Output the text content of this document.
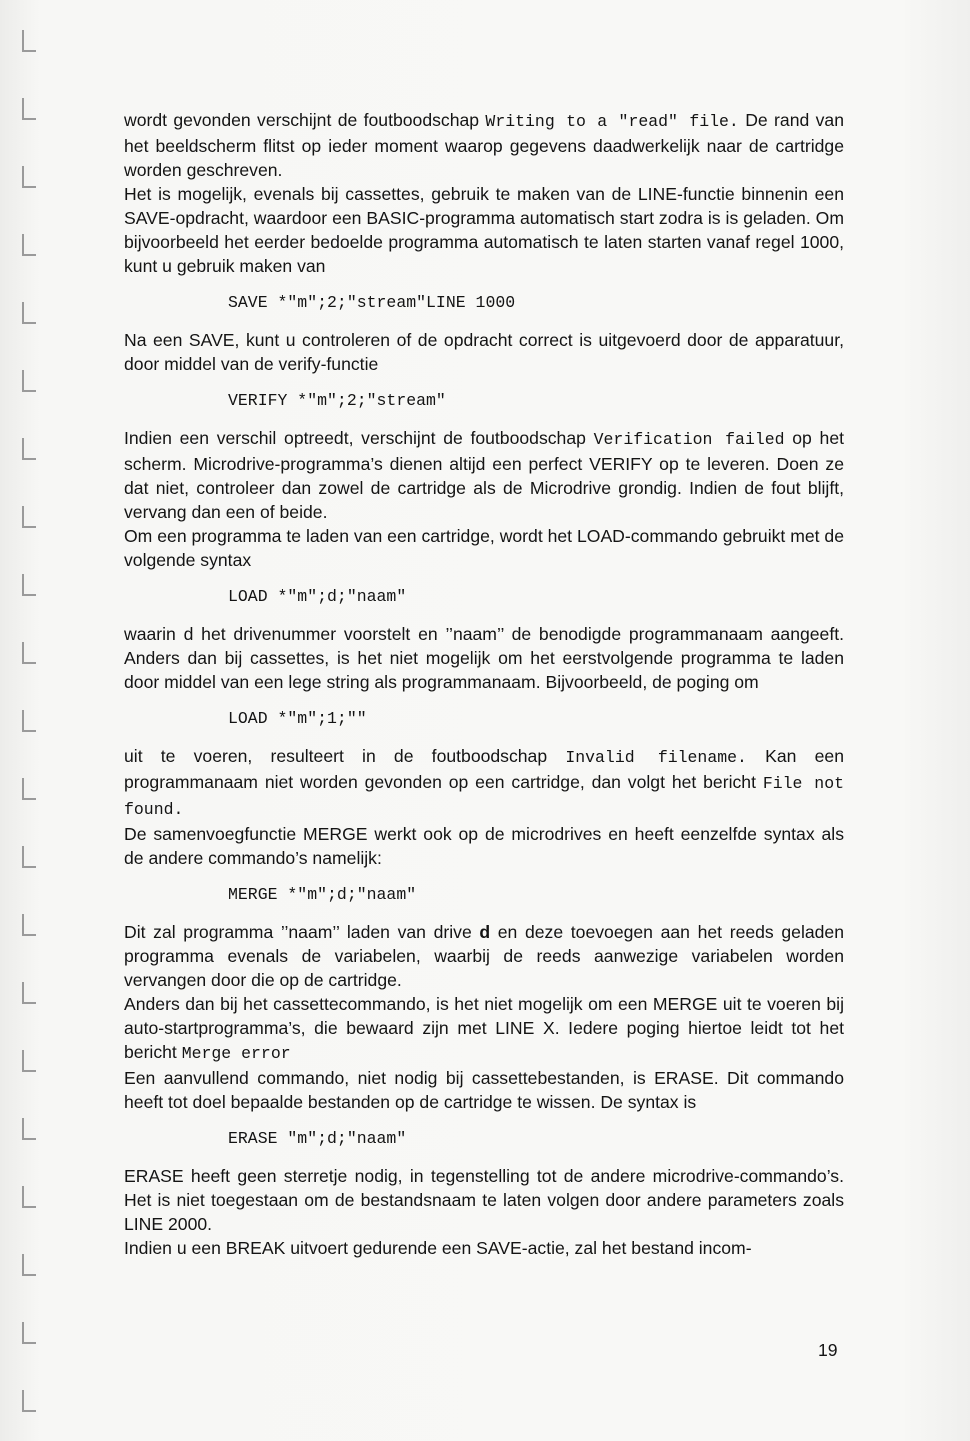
wordt gevonden verschijnt de foutboodschap Writing to a "read" file. De rand van het beeldscherm flitst op ieder moment waarop gegevens daadwerkelijk naar de cartridge worden geschreven.

Het is mogelijk, evenals bij cassettes, gebruik te maken van de LINE-functie binnenin een SAVE-opdracht, waardoor een BASIC-programma automatisch start zodra is is geladen. Om bijvoorbeeld het eerder bedoelde programma automatisch te laten starten vanaf regel 1000, kunt u gebruik maken van

SAVE *"m";2;"stream"LINE 1000

Na een SAVE, kunt u controleren of de opdracht correct is uitgevoerd door de apparatuur, door middel van de verify-functie

VERIFY *"m";2;"stream"

Indien een verschil optreedt, verschijnt de foutboodschap Verification failed op het scherm. Microdrive-programma’s dienen altijd een perfect VERIFY op te leveren. Doen ze dat niet, controleer dan zowel de cartridge als de Microdrive grondig. Indien de fout blijft, vervang dan een of beide.

Om een programma te laden van een cartridge, wordt het LOAD-commando gebruikt met de volgende syntax

LOAD *"m";d;"naam"

waarin d het drivenummer voorstelt en ’’naam’’ de benodigde programmanaam aangeeft. Anders dan bij cassettes, is het niet mogelijk om het eerstvolgende programma te laden door middel van een lege string als programmanaam. Bijvoorbeeld, de poging om

LOAD *"m";1;""

uit te voeren, resulteert in de foutboodschap Invalid filename. Kan een programmanaam niet worden gevonden op een cartridge, dan volgt het bericht File not found.

De samenvoegfunctie MERGE werkt ook op de microdrives en heeft eenzelfde syntax als de andere commando’s namelijk:

MERGE *"m";d;"naam"

Dit zal programma ’’naam’’ laden van drive d en deze toevoegen aan het reeds geladen programma evenals de variabelen, waarbij de reeds aanwezige variabelen worden vervangen door die op de cartridge.

Anders dan bij het cassettecommando, is het niet mogelijk om een MERGE uit te voeren bij auto-startprogramma’s, die bewaard zijn met LINE X. Iedere poging hiertoe leidt tot het bericht Merge error

Een aanvullend commando, niet nodig bij cassettebestanden, is ERASE. Dit commando heeft tot doel bepaalde bestanden op de cartridge te wissen. De syntax is

ERASE "m";d;"naam"

ERASE heeft geen sterretje nodig, in tegenstelling tot de andere microdrive-commando’s. Het is niet toegestaan om de bestandsnaam te laten volgen door andere parameters zoals LINE 2000.

Indien u een BREAK uitvoert gedurende een SAVE-actie, zal het bestand incom-

19
